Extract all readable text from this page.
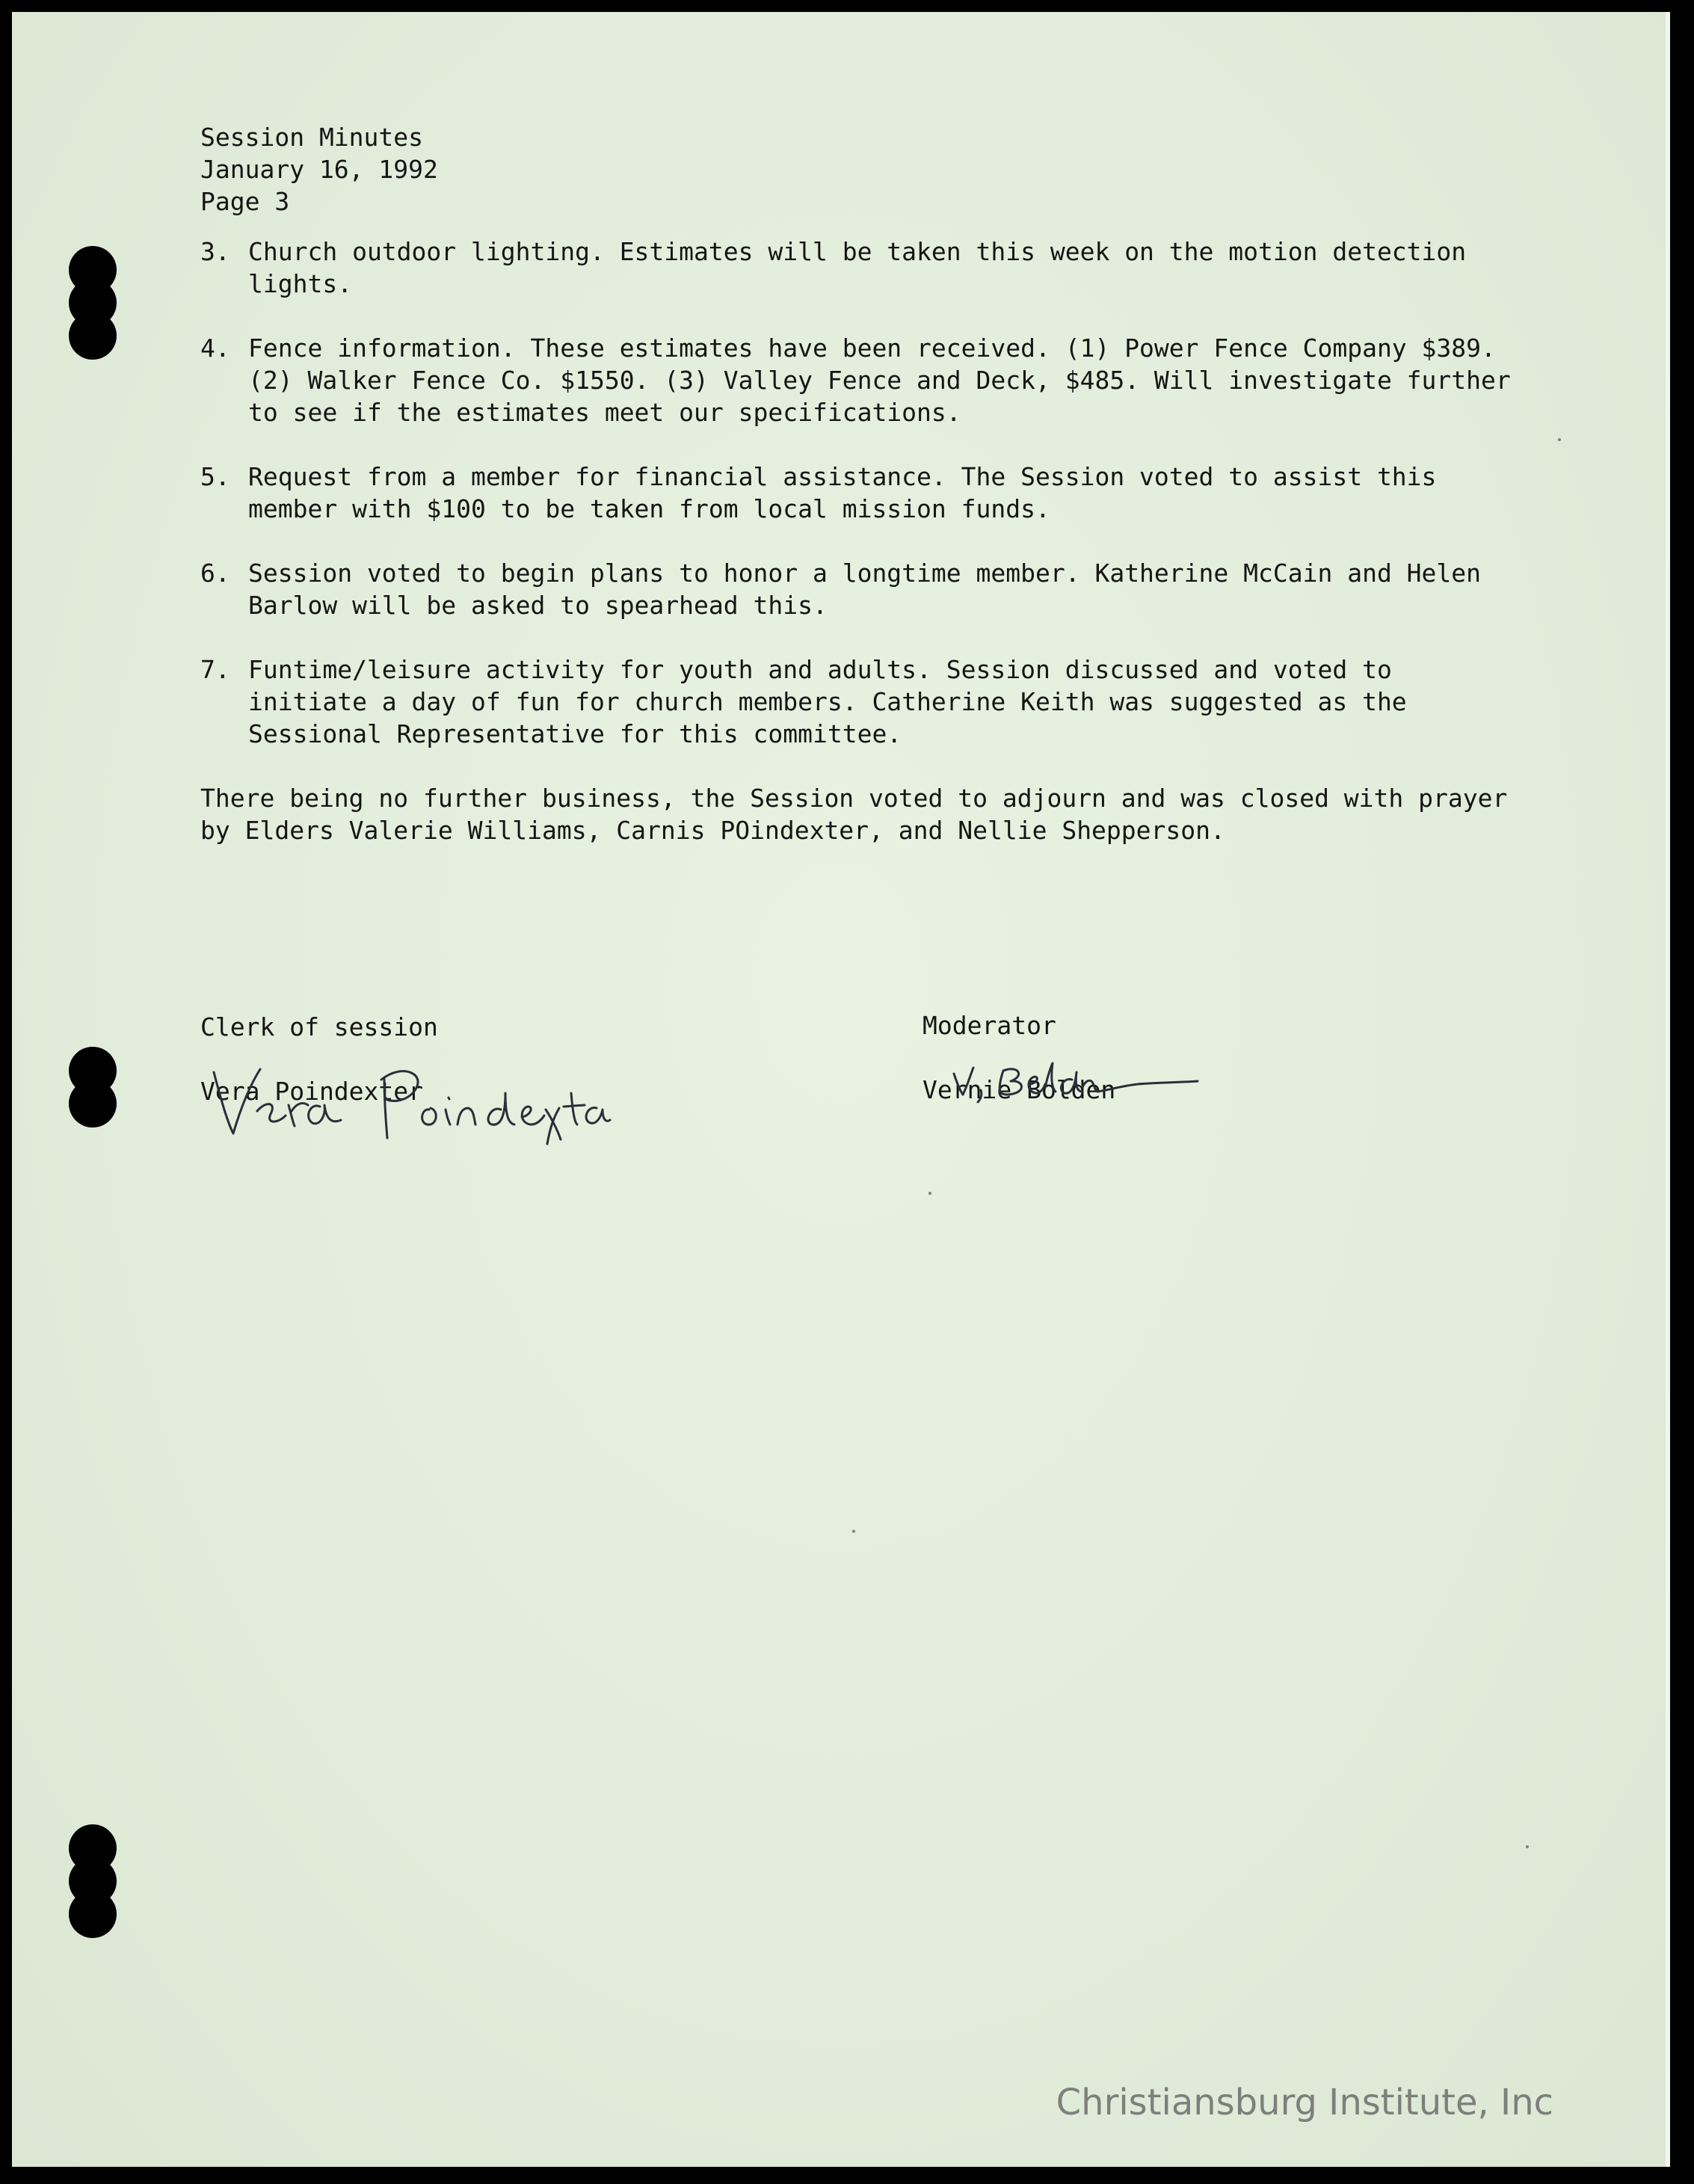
Session Minutes
January 16, 1992
Page 3
3. Church outdoor lighting. Estimates will be taken this week on the motion detection lights.
4. Fence information. These estimates have been received. (1) Power Fence Company $389. (2) Walker Fence Co. $1550. (3) Valley Fence and Deck, $485. Will investigate further to see if the estimates meet our specifications.
5. Request from a member for financial assistance. The Session voted to assist this member with $100 to be taken from local mission funds.
6. Session voted to begin plans to honor a longtime member. Katherine McCain and Helen Barlow will be asked to spearhead this.
7. Funtime/leisure activity for youth and adults. Session discussed and voted to initiate a day of fun for church members. Catherine Keith was suggested as the Sessional Representative for this committee.
There being no further business, the Session voted to adjourn and was closed with prayer by Elders Valerie Williams, Carnis POindexter, and Nellie Shepperson.
Clerk of session
Vera Poindexter
Moderator
Vernie Bolden
Christiansburg Institute, Inc
